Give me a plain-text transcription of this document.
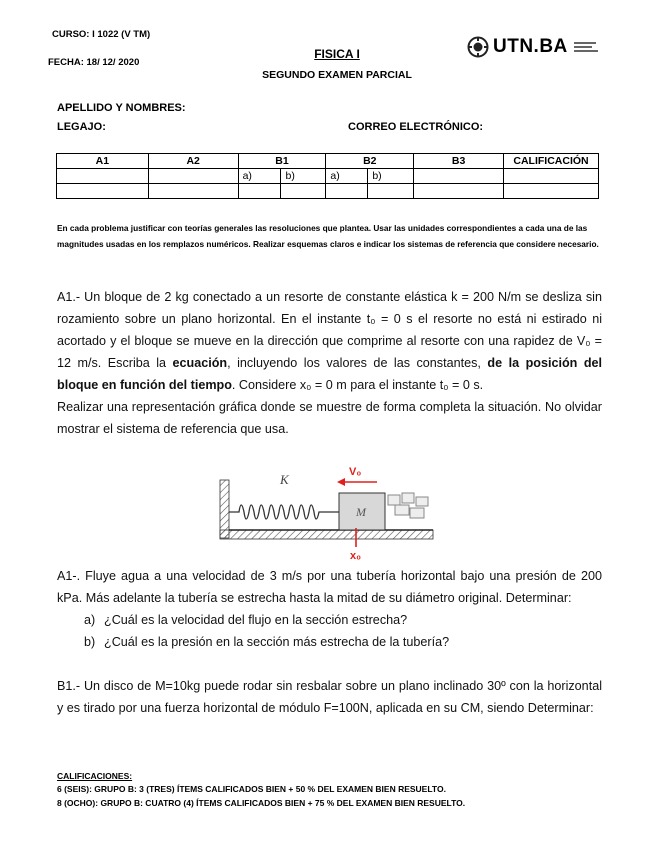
CURSO: I 1022 (V TM)
FECHA: 18/ 12/ 2020
FISICA I
SEGUNDO EXAMEN PARCIAL
UTN.BA
APELLIDO Y NOMBRES:
LEGAJO:	CORREO ELECTRÓNICO:
A1	A2	B1		B2		B3	CALIFICACIÓN
		a)	b)	a)	b)		

En cada problema justificar con teorías generales las resoluciones que plantea. Usar las unidades correspondientes a cada una de las magnitudes usadas en los remplazos numéricos. Realizar esquemas claros e indicar los sistemas de referencia que considere necesario.
A1.- Un bloque de 2 kg conectado a un resorte de constante elástica k = 200 N/m se desliza sin rozamiento sobre un plano horizontal. En el instante t₀ = 0 s el resorte no está ni estirado ni acortado y el bloque se mueve en la dirección que comprime al resorte con una rapidez de V₀ = 12 m/s. Escriba la ecuación, incluyendo los valores de las constantes, de la posición del bloque en función del tiempo. Considere x₀ = 0 m para el instante t₀ = 0 s.
Realizar una representación gráfica donde se muestre de forma completa la situación. No olvidar mostrar el sistema de referencia que usa.
K
M
V₀
x₀
A1-. Fluye agua a una velocidad de 3 m/s por una tubería horizontal bajo una presión de 200 kPa. Más adelante la tubería se estrecha hasta la mitad de su diámetro original. Determinar:
a) ¿Cuál es la velocidad del flujo en la sección estrecha?
b) ¿Cuál es la presión en la sección más estrecha de la tubería?
B1.- Un disco de M=10kg puede rodar sin resbalar sobre un plano inclinado 30º con la horizontal y es tirado por una fuerza horizontal de módulo F=100N, aplicada en su CM, siendo Determinar:
CALIFICACIONES:
6 (SEIS): GRUPO B: 3 (TRES) ÍTEMS CALIFICADOS BIEN + 50 % DEL EXAMEN BIEN RESUELTO.
8 (OCHO): GRUPO B: CUATRO (4) ÍTEMS CALIFICADOS BIEN + 75 % DEL EXAMEN BIEN RESUELTO.
